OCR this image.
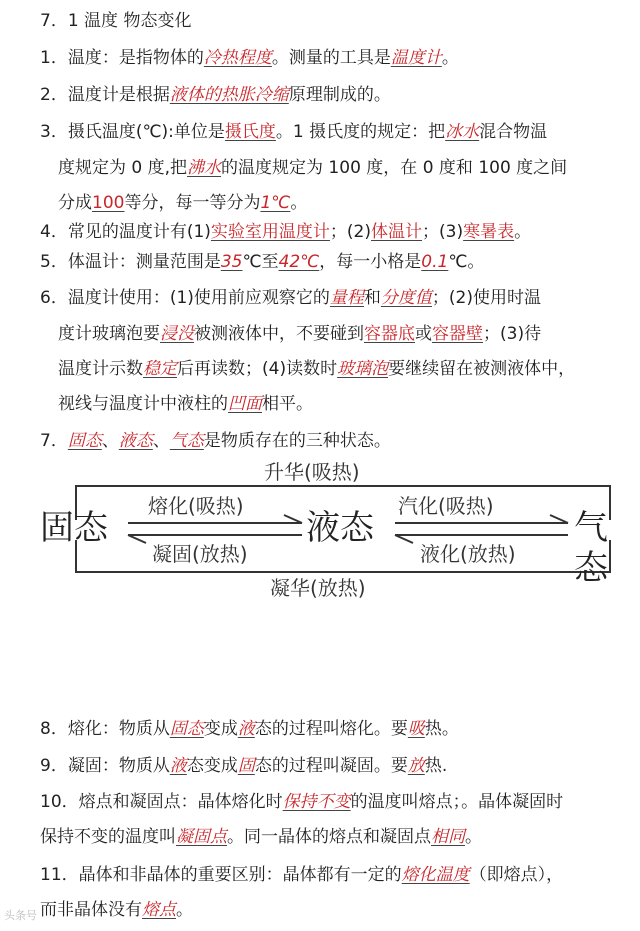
7．1 温度 物态变化
1．温度：是指物体的冷热程度。测量的工具是温度计。
2．温度计是根据液体的热胀冷缩原理制成的。
3．摄氏温度(℃):单位是摄氏度。1 摄氏度的规定：把冰水混合物温
度规定为 0 度,把沸水的温度规定为 100 度，在 0 度和 100 度之间
分成100等分，每一等分为1℃。
4．常见的温度计有(1)实验室用温度计；(2)体温计；(3)寒暑表。
5．体温计：测量范围是35℃至42℃，每一小格是0.1℃。
6．温度计使用：(1)使用前应观察它的量程和分度值；(2)使用时温
度计玻璃泡要浸没被测液体中，不要碰到容器底或容器壁；(3)待
温度计示数稳定后再读数；(4)读数时玻璃泡要继续留在被测液体中，
视线与温度计中液柱的凹面相平。
7．固态、液态、气态是物质存在的三种状态。
固态	液态	气态
升华(吸热)
熔化(吸热)
凝固(放热)
汽化(吸热)
液化(放热)
凝华(放热)
8．熔化：物质从固态变成液态的过程叫熔化。要吸热。
9．凝固：物质从液态变成固态的过程叫凝固。要放热.
10．熔点和凝固点：晶体熔化时保持不变的温度叫熔点；。晶体凝固时
保持不变的温度叫凝固点。同一晶体的熔点和凝固点相同。
11．晶体和非晶体的重要区别：晶体都有一定的熔化温度（即熔点），
而非晶体没有熔点。
头条号
